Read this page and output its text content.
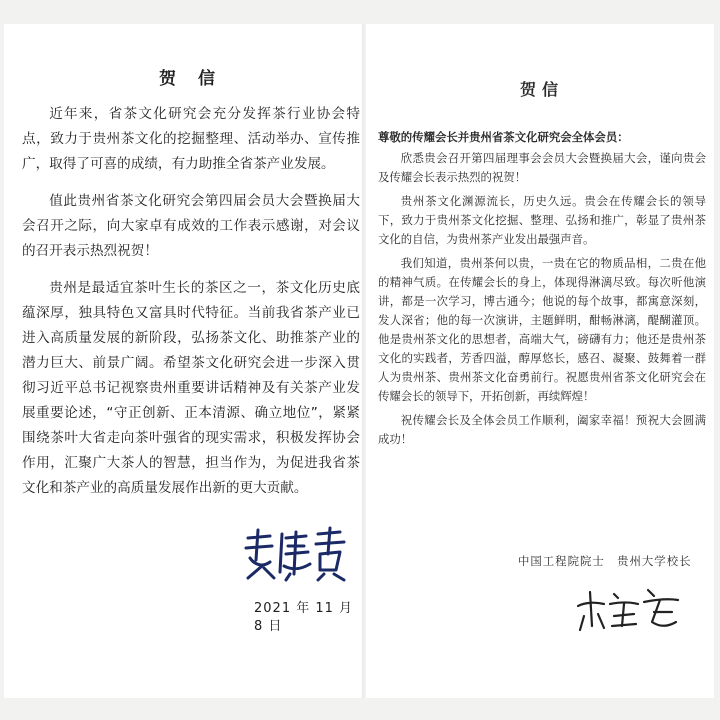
贺 信

近年来，省茶文化研究会充分发挥茶行业协会特点，致力于贵州茶文化的挖掘整理、活动举办、宣传推广，取得了可喜的成绩，有力助推全省茶产业发展。

值此贵州省茶文化研究会第四届会员大会暨换届大会召开之际，向大家卓有成效的工作表示感谢，对会议的召开表示热烈祝贺！

贵州是最适宜茶叶生长的茶区之一，茶文化历史底蕴深厚，独具特色又富具时代特征。当前我省茶产业已进入高质量发展的新阶段，弘扬茶文化、助推茶产业的潜力巨大、前景广阔。希望茶文化研究会进一步深入贯彻习近平总书记视察贵州重要讲话精神及有关茶产业发展重要论述，“守正创新、正本清源、确立地位”，紧紧围绕茶叶大省走向茶叶强省的现实需求，积极发挥协会作用，汇聚广大茶人的智慧，担当作为，为促进我省茶文化和茶产业的高质量发展作出新的更大贡献。

2021 年 11 月 8 日
贺信

尊敬的传耀会长并贵州省茶文化研究会全体会员：

欣悉贵会召开第四届理事会会员大会暨换届大会，谨向贵会及传耀会长表示热烈的祝贺！

贵州茶文化渊源流长，历史久远。贵会在传耀会长的领导下，致力于贵州茶文化挖掘、整理、弘扬和推广，彰显了贵州茶文化的自信，为贵州茶产业发出最强声音。

我们知道，贵州茶何以贵，一贵在它的物质品相，二贵在他的精神气质。在传耀会长的身上，体现得淋漓尽致。每次听他演讲，都是一次学习，博古通今；他说的每个故事，都寓意深刻，发人深省；他的每一次演讲，主题鲜明，酣畅淋漓，醍醐灌顶。他是贵州茶文化的思想者，高端大气，磅礴有力；他还是贵州茶文化的实践者，芳香四溢，醇厚悠长，感召、凝聚、鼓舞着一群人为贵州茶、贵州茶文化奋勇前行。祝愿贵州省茶文化研究会在传耀会长的领导下，开拓创新，再续辉煌！

祝传耀会长及全体会员工作顺利，阖家幸福！预祝大会圆满成功！

中国工程院院士　贵州大学校长
